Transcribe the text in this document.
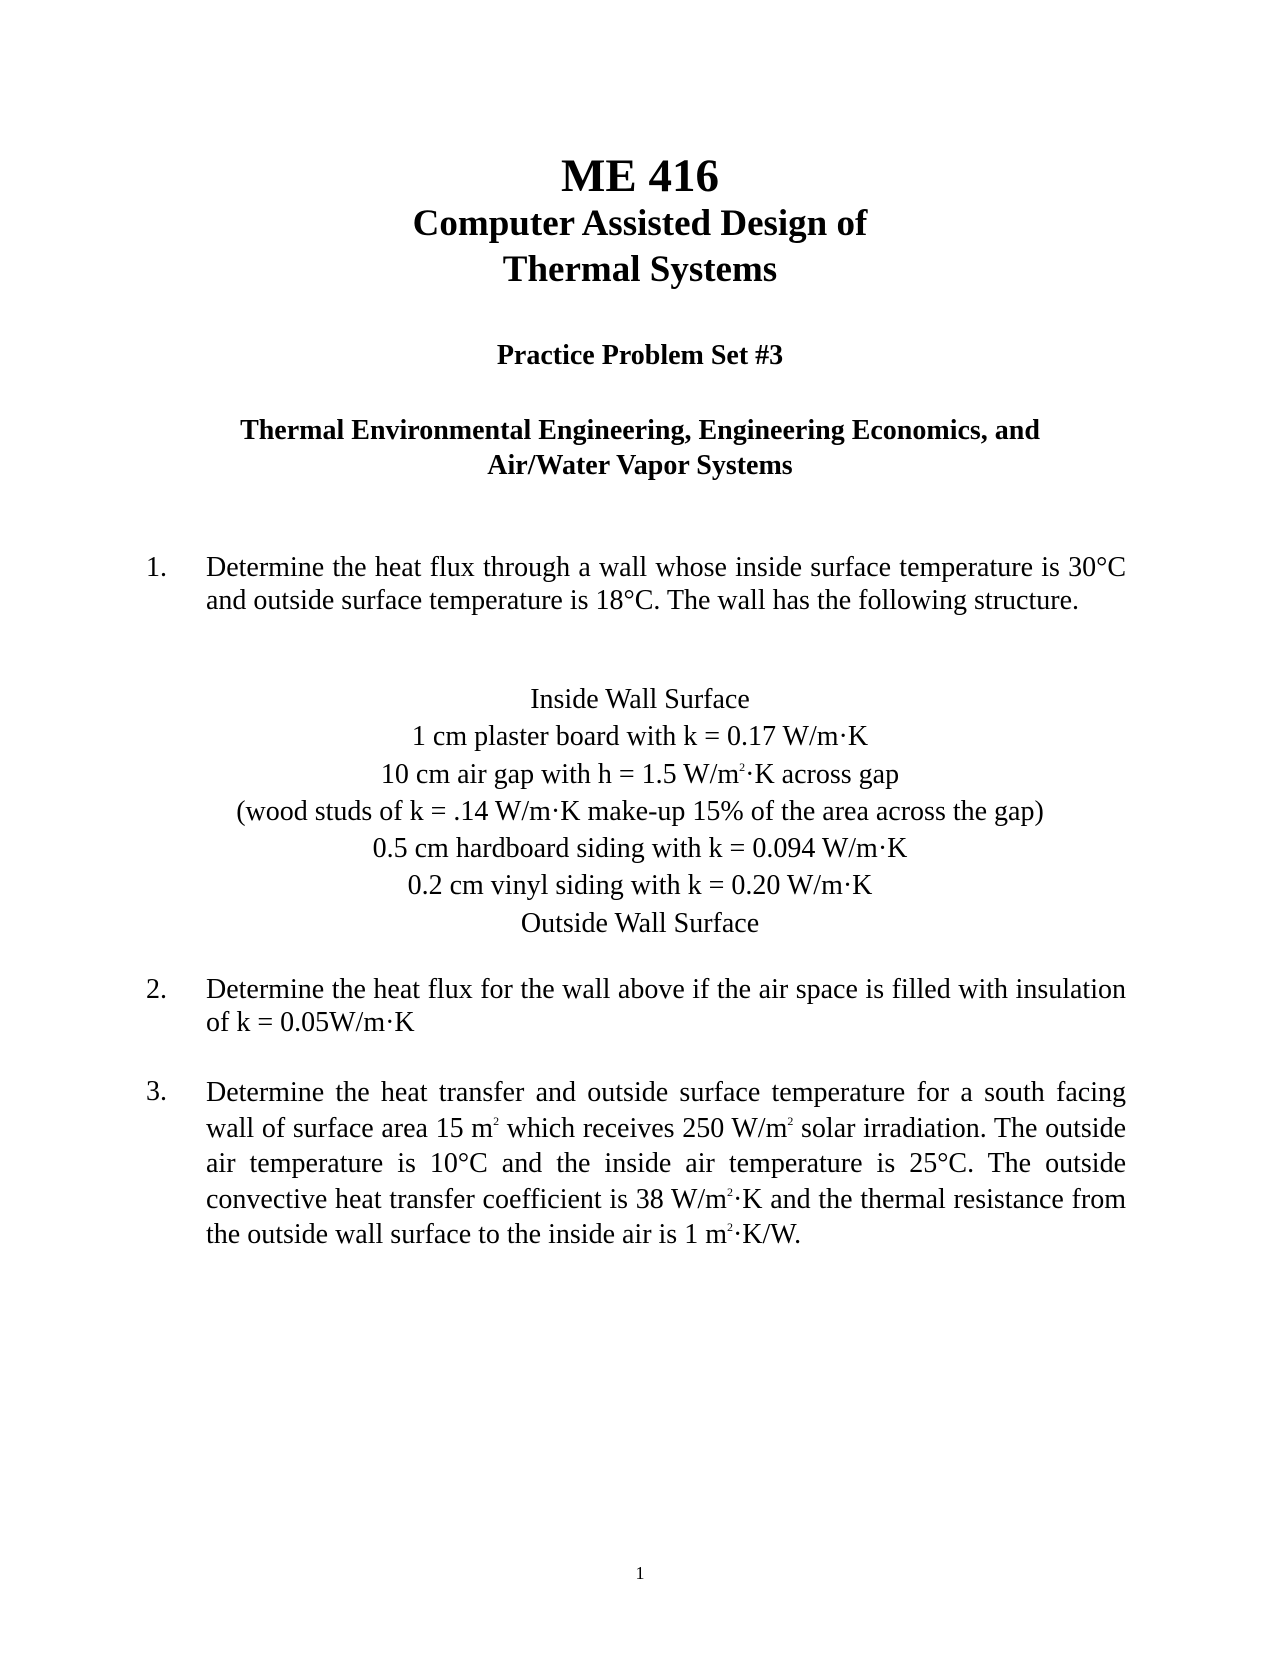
ME 416
Computer Assisted Design of
Thermal Systems
Practice Problem Set #3
Thermal Environmental Engineering, Engineering Economics, and
Air/Water Vapor Systems
1. Determine the heat flux through a wall whose inside surface temperature is 30°C and outside surface temperature is 18°C. The wall has the following structure.
Inside Wall Surface
1 cm plaster board with k = 0.17 W/m·K
10 cm air gap with h = 1.5 $W/m^2\cdot K$ across gap
(wood studs of k = .14 W/m·K make-up 15% of the area across the gap)
0.5 cm hardboard siding with k = 0.094 W/m·K
0.2 cm vinyl siding with k = 0.20 W/m·K
Outside Wall Surface
2. Determine the heat flux for the wall above if the air space is filled with insulation of k = 0.05W/m·K
3. Determine the heat transfer and outside surface temperature for a south facing wall of surface area 15 $m^2$ which receives 250 $W/m^2$ solar irradiation. The outside air temperature is 10°C and the inside air temperature is 25°C. The outside convective heat transfer coefficient is 38 $W/m^2\cdot K$ and the thermal resistance from the outside wall surface to the inside air is 1 $m^2\cdot K/W$.
1
